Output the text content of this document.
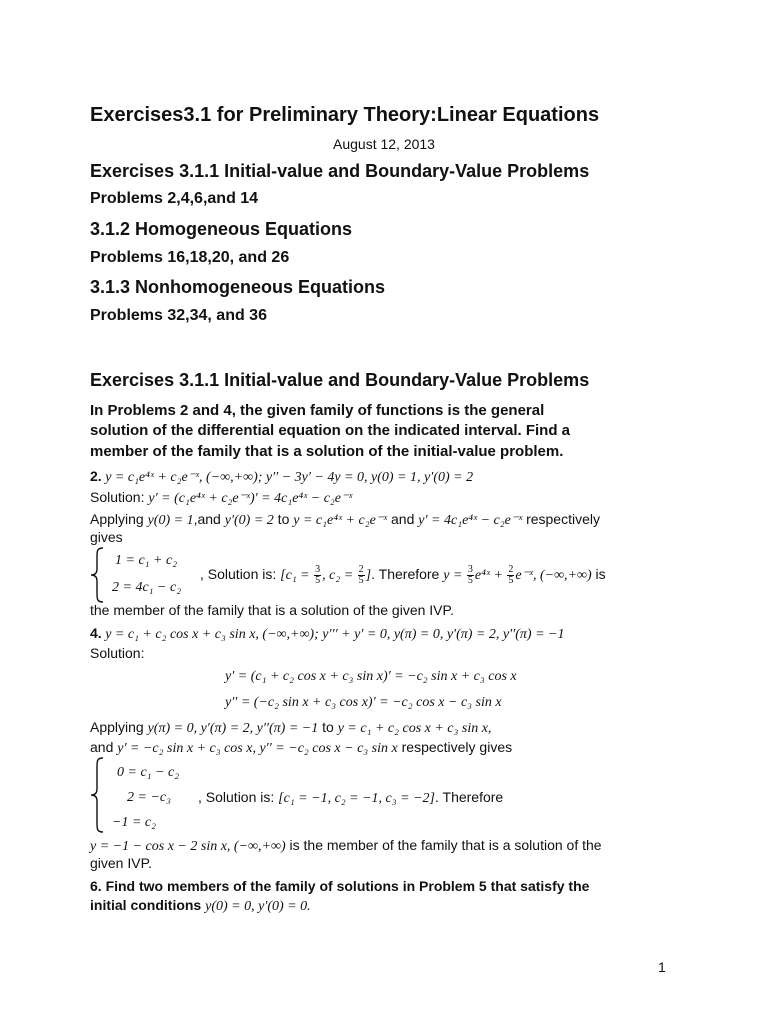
Exercises3.1 for Preliminary Theory:Linear Equations
August 12, 2013
Exercises 3.1.1 Initial-value and Boundary-Value Problems
Problems 2,4,6,and 14
3.1.2 Homogeneous Equations
Problems 16,18,20, and 26
3.1.3 Nonhomogeneous Equations
Problems 32,34, and 36
Exercises 3.1.1 Initial-value and Boundary-Value Problems
In Problems 2 and 4, the given family of functions is the general
solution of the differential equation on the indicated interval. Find a
member of the family that is a solution of the initial-value problem.
2. y = c₁e⁴ˣ + c₂e⁻ˣ, (−∞,+∞); y′′ − 3y′ − 4y = 0, y(0) = 1, y′(0) = 2
Solution: y′ = (c₁e⁴ˣ + c₂e⁻ˣ)′ = 4c₁e⁴ˣ − c₂e⁻ˣ
Applying y(0) = 1,and y′(0) = 2 to y = c₁e⁴ˣ + c₂e⁻ˣ and y′ = 4c₁e⁴ˣ − c₂e⁻ˣ respectively
gives
1 = c₁ + c₂
2 = 4c₁ − c₂
, Solution is: [$c_1 = \frac{3}{5}$ , $c_2 = \frac{2}{5}$ ]. Therefore $y = \frac{3}{5}$ e⁴ˣ + $\frac{2}{5}$ e⁻ˣ, (−∞,+∞) is
the member of the family that is a solution of the given IVP.
4. y = c₁ + c₂ cos x + c₃ sin x, (−∞,+∞); y′′′ + y′ = 0, y(π) = 0, y′(π) = 2, y′′(π) = −1
Solution:
y′ = (c₁ + c₂ cos x + c₃ sin x)′ = −c₂ sin x + c₃ cos x
y′′ = (−c₂ sin x + c₃ cos x)′ = −c₂ cos x − c₃ sin x
Applying y(π) = 0, y′(π) = 2, y′′(π) = −1 to y = c₁ + c₂ cos x + c₃ sin x,
and y′ = −c₂ sin x + c₃ cos x, y′′ = −c₂ cos x − c₃ sin x respectively gives
0 = c₁ − c₂
2 = −c₃
−1 = c₂
, Solution is: [c₁ = −1, c₂ = −1, c₃ = −2]. Therefore
y = −1 − cos x − 2 sin x, (−∞,+∞) is the member of the family that is a solution of the
given IVP.
6. Find two members of the family of solutions in Problem 5 that satisfy the
initial conditions y(0) = 0, y′(0) = 0.
1
